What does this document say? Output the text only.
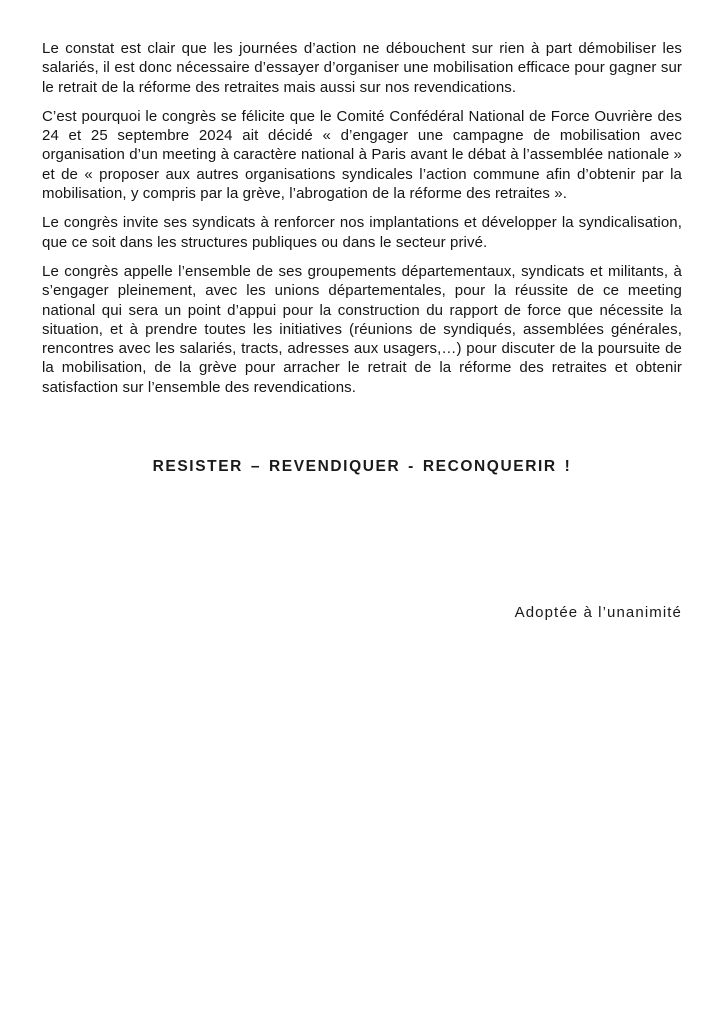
Le constat est clair que les journées d’action ne débouchent sur rien à part démobiliser les salariés, il est donc nécessaire d’essayer d’organiser une mobilisation efficace pour gagner sur le retrait de la réforme des retraites mais aussi sur nos revendications.

C’est pourquoi le congrès se félicite que le Comité Confédéral National de Force Ouvrière des 24 et 25 septembre 2024 ait décidé « d’engager une campagne de mobilisation avec organisation d’un meeting à caractère national à Paris avant le débat à l’assemblée nationale » et de « proposer aux autres organisations syndicales l’action commune afin d’obtenir par la mobilisation, y compris par la grève, l’abrogation de la réforme des retraites ».

Le congrès invite ses syndicats à renforcer nos implantations et développer la syndicalisation, que ce soit dans les structures publiques ou dans le secteur privé.

Le congrès appelle l’ensemble de ses groupements départementaux, syndicats et militants, à s’engager pleinement, avec les unions départementales, pour la réussite de ce meeting national qui sera un point d’appui pour la construction du rapport de force que nécessite la situation, et à prendre toutes les initiatives (réunions de syndiqués, assemblées générales, rencontres avec les salariés, tracts, adresses aux usagers,…) pour discuter de la poursuite de la mobilisation, de la grève pour arracher le retrait de la réforme des retraites et obtenir satisfaction sur l’ensemble des revendications.

RESISTER – REVENDIQUER - RECONQUERIR !
Adoptée à l’unanimité
